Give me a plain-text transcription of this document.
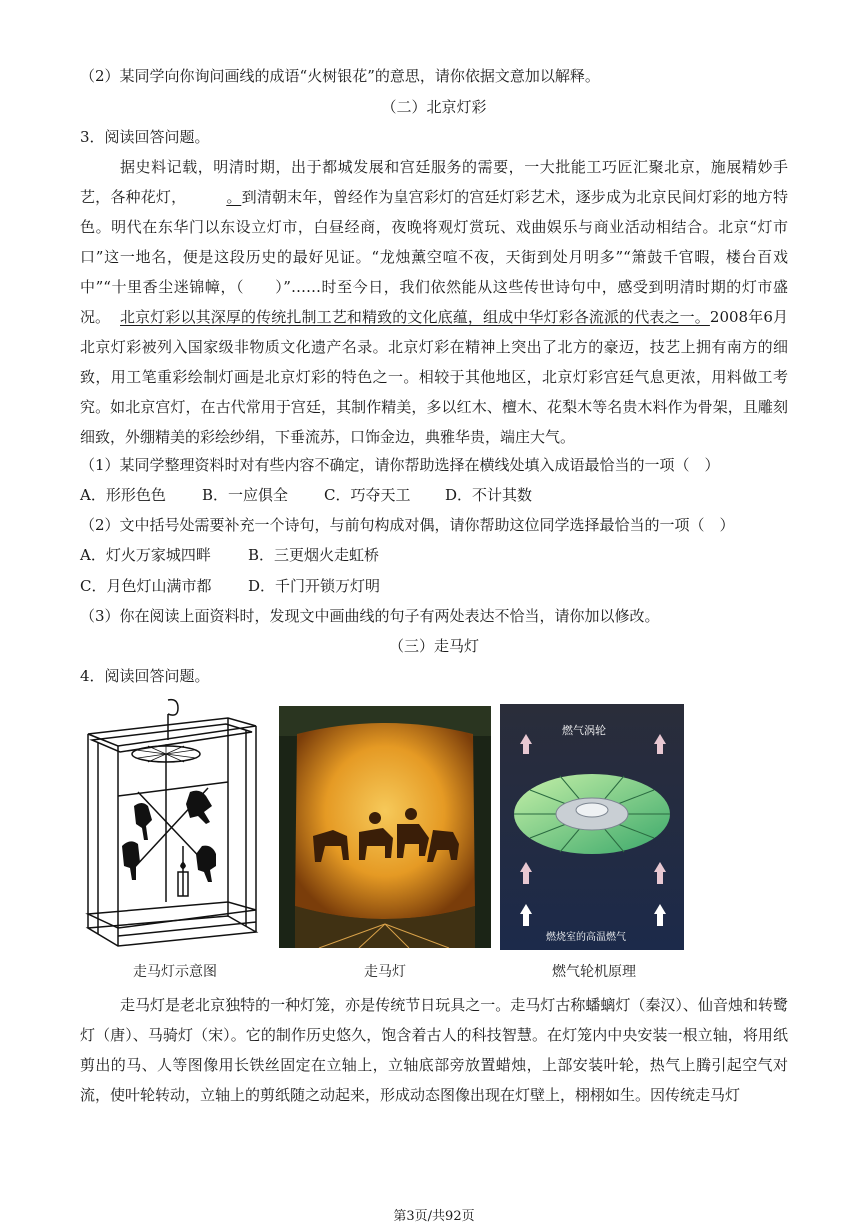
（2）某同学向你询问画线的成语“火树银花”的意思，请你依据文意加以解释。
（二）北京灯彩
3．阅读回答问题。
据史料记载，明清时期，出于都城发展和宫廷服务的需要，一大批能工巧匠汇聚北京，施展精妙手艺，各种花灯， 	。到清朝末年，曾经作为皇宫彩灯的宫廷灯彩艺术，逐步成为北京民间灯彩的地方特色。明代在东华门以东设立灯市，白昼经商，夜晚将观灯赏玩、戏曲娱乐与商业活动相结合。北京“灯市口”这一地名，便是这段历史的最好见证。“龙烛薰空喧不夜，天街到处月明多”“箫鼓千官暇，楼台百戏中”“十里香尘迷锦幛，（　　）”……时至今日，我们依然能从这些传世诗句中，感受到明清时期的灯市盛况。 北京灯彩以其深厚的传统扎制工艺和精致的文化底蕴，组成中华灯彩各流派的代表之一。2008年6月北京灯彩被列入国家级非物质文化遗产名录。北京灯彩在精神上突出了北方的豪迈，技艺上拥有南方的细致，用工笔重彩绘制灯画是北京灯彩的特色之一。相较于其他地区，北京灯彩宫廷气息更浓，用料做工考究。如北京宫灯，在古代常用于宫廷，其制作精美，多以红木、檀木、花梨木等名贵木料作为骨架，且雕刻细致，外绷精美的彩绘纱绢，下垂流苏，口饰金边，典雅华贵，端庄大气。
（1）某同学整理资料时对有些内容不确定，请你帮助选择在横线处填入成语最恰当的一项（　）
A．形形色色 B．一应俱全 C．巧夺天工 D．不计其数
（2）文中括号处需要补充一个诗句，与前句构成对偶，请你帮助这位同学选择最恰当的一项（　）
A．灯火万家城四畔 B．三更烟火走虹桥
C．月色灯山满市都 D．千门开锁万灯明
（3）你在阅读上面资料时，发现文中画曲线的句子有两处表达不恰当，请你加以修改。
（三）走马灯
4．阅读回答问题。
走马灯示意图	走马灯
燃气涡轮
燃烧室的高温燃气
燃气轮机原理
走马灯是老北京独特的一种灯笼，亦是传统节日玩具之一。走马灯古称蟠螭灯（秦汉）、仙音烛和转鹭灯（唐）、马骑灯（宋）。它的制作历史悠久，饱含着古人的科技智慧。在灯笼内中央安装一根立轴，将用纸剪出的马、人等图像用长铁丝固定在立轴上，立轴底部旁放置蜡烛，上部安装叶轮，热气上腾引起空气对流，使叶轮转动，立轴上的剪纸随之动起来，形成动态图像出现在灯壁上，栩栩如生。因传统走马灯
第3页/共92页
